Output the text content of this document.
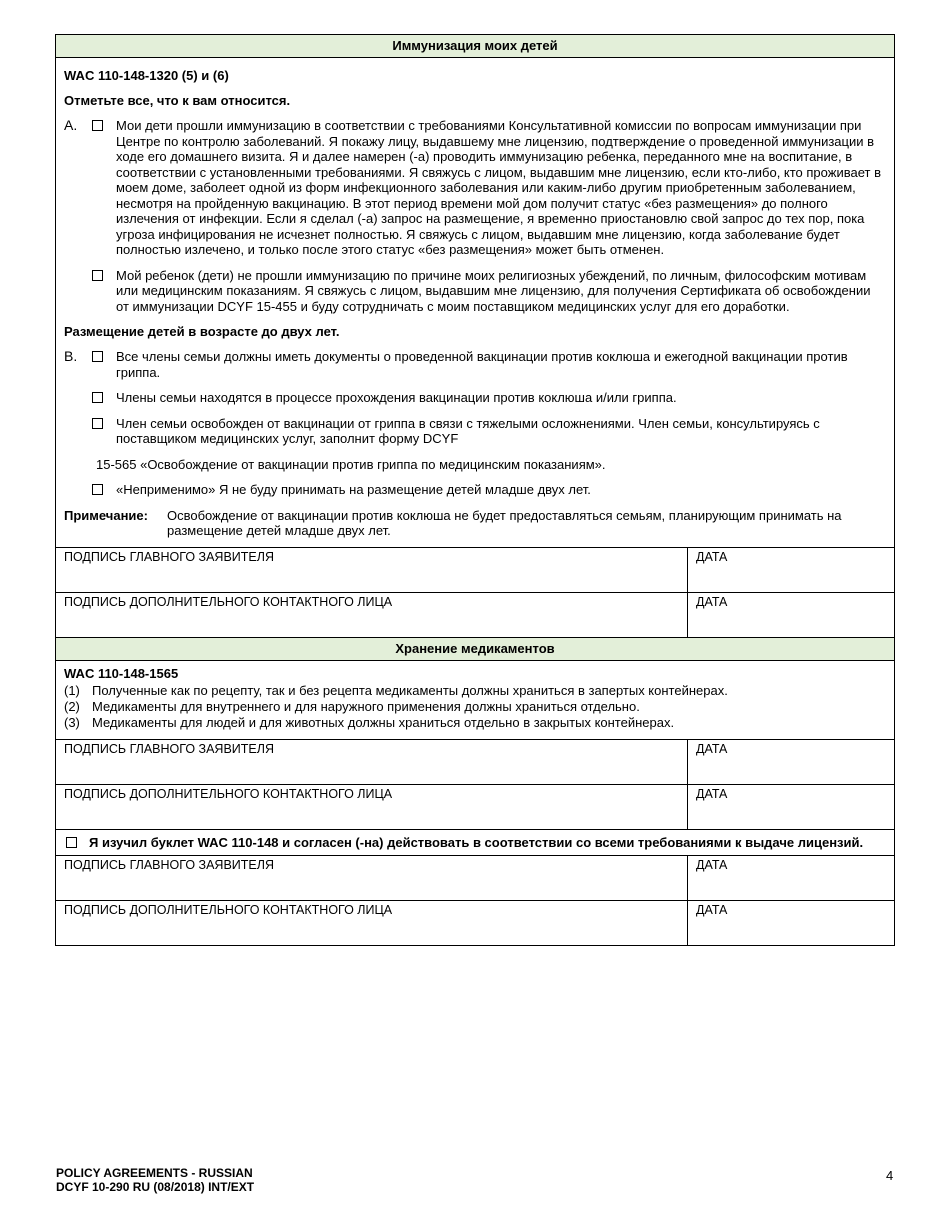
Иммунизация моих детей
WAC 110-148-1320 (5) и (6)
Отметьте все, что к вам относится.
A.	Мои дети прошли иммунизацию в соответствии с требованиями Консультативной комиссии по вопросам иммунизации при Центре по контролю заболеваний. Я покажу лицу, выдавшему мне лицензию, подтверждение о проведенной иммунизации в ходе его домашнего визита. Я и далее намерен (-а) проводить иммунизацию ребенка, переданного мне на воспитание, в соответствии с установленными требованиями. Я свяжусь с лицом, выдавшим мне лицензию, если кто-либо, кто проживает в моем доме, заболеет одной из форм инфекционного заболевания или каким-либо другим приобретенным заболеванием, несмотря на пройденную вакцинацию. В этот период времени мой дом получит статус «без размещения» до полного излечения от инфекции. Если я сделал (-а) запрос на размещение, я временно приостановлю свой запрос до тех пор, пока угроза инфицирования не исчезнет полностью. Я свяжусь с лицом, выдавшим мне лицензию, когда заболевание будет полностью излечено, и только после этого статус «без размещения» может быть отменен.
Мой ребенок (дети) не прошли иммунизацию по причине моих религиозных убеждений, по личным, философским мотивам или медицинским показаниям. Я свяжусь с лицом, выдавшим мне лицензию, для получения Сертификата об освобождении от иммунизации DCYF 15-455 и буду сотрудничать с моим поставщиком медицинских услуг для его доработки.
Размещение детей в возрасте до двух лет.
B.	Все члены семьи должны иметь документы о проведенной вакцинации против коклюша и ежегодной вакцинации против гриппа.
Члены семьи находятся в процессе прохождения вакцинации против коклюша и/или гриппа.
Член семьи освобожден от вакцинации от гриппа в связи с тяжелыми осложнениями. Член семьи, консультируясь с поставщиком медицинских услуг, заполнит форму DCYF
15-565 «Освобождение от вакцинации против гриппа по медицинским показаниям».
«Неприменимо» Я не буду принимать на размещение детей младше двух лет.
Примечание:	Освобождение от вакцинации против коклюша не будет предоставляться семьям, планирующим принимать на размещение детей младше двух лет.
ПОДПИСЬ ГЛАВНОГО ЗАЯВИТЕЛЯ	ДАТА
ПОДПИСЬ ДОПОЛНИТЕЛЬНОГО КОНТАКТНОГО ЛИЦА	ДАТА
Хранение медикаментов
WAC 110-148-1565
(1) Полученные как по рецепту, так и без рецепта медикаменты должны храниться в запертых контейнерах.
(2) Медикаменты для внутреннего и для наружного применения должны храниться отдельно.
(3) Медикаменты для людей и для животных должны храниться отдельно в закрытых контейнерах.
ПОДПИСЬ ГЛАВНОГО ЗАЯВИТЕЛЯ	ДАТА
ПОДПИСЬ ДОПОЛНИТЕЛЬНОГО КОНТАКТНОГО ЛИЦА	ДАТА
Я изучил буклет WAC 110-148 и согласен (-на) действовать в соответствии со всеми требованиями к выдаче лицензий.
ПОДПИСЬ ГЛАВНОГО ЗАЯВИТЕЛЯ	ДАТА
ПОДПИСЬ ДОПОЛНИТЕЛЬНОГО КОНТАКТНОГО ЛИЦА	ДАТА
POLICY AGREEMENTS - RUSSIAN
DCYF 10-290 RU (08/2018) INT/EXT
4
